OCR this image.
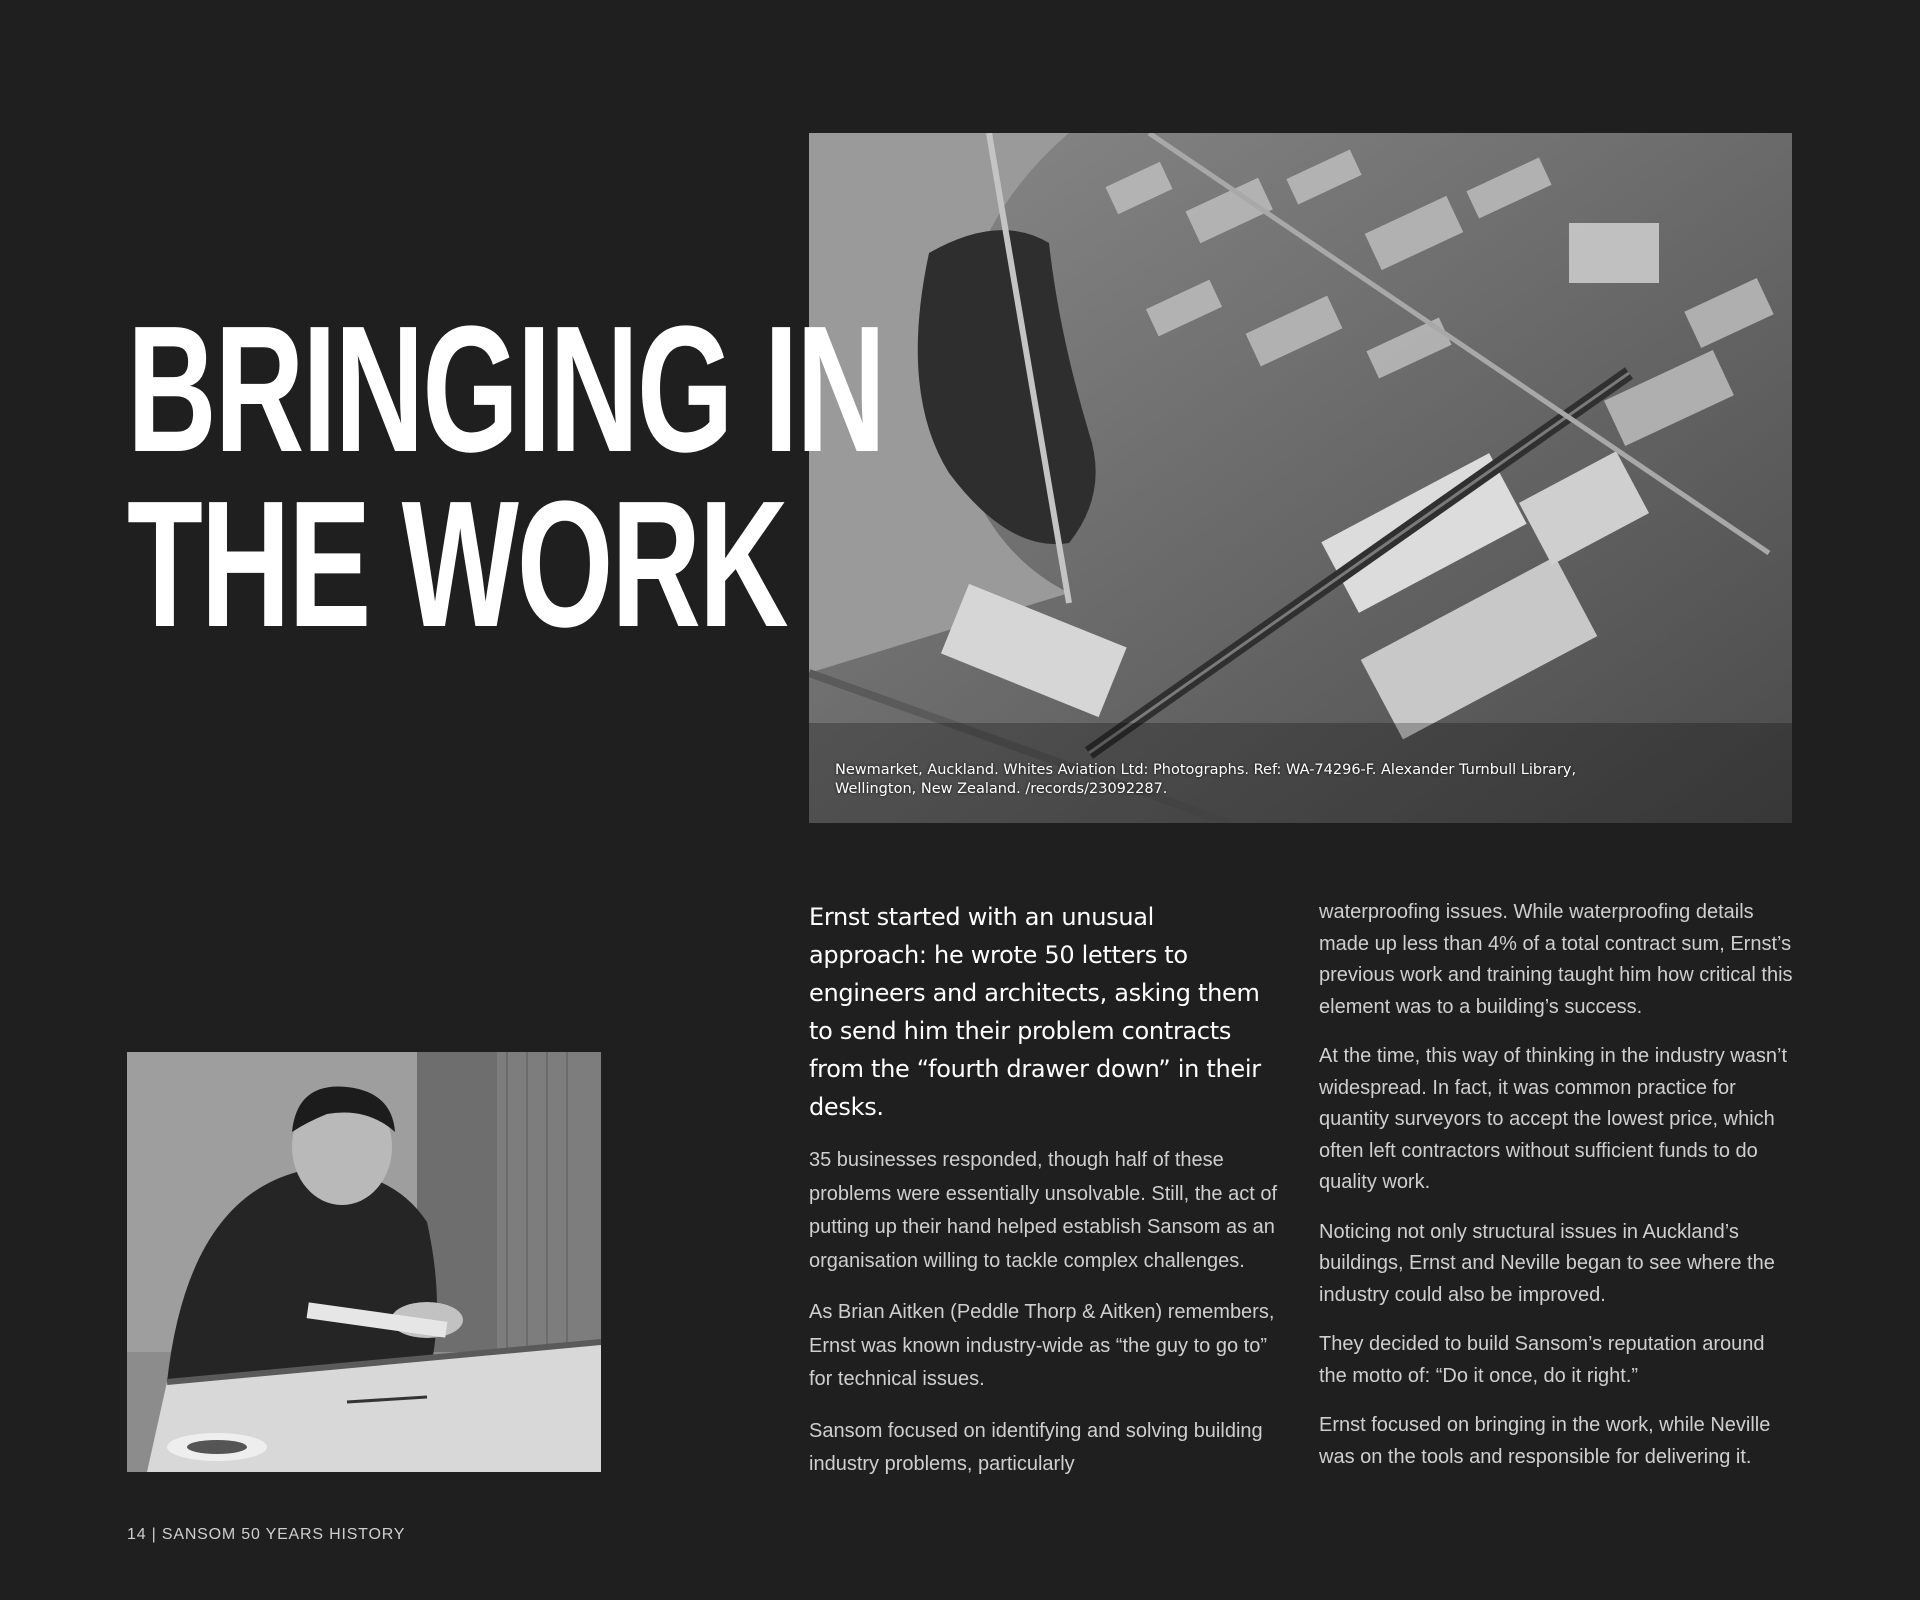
BRINGING IN
THE WORK

Newmarket, Auckland. Whites Aviation Ltd: Photographs. Ref: WA-74296-F. Alexander Turnbull Library, Wellington, New Zealand. /records/23092287.

Ernst started with an unusual approach: he wrote 50 letters to engineers and architects, asking them to send him their problem contracts from the “fourth drawer down” in their desks.

35 businesses responded, though half of these problems were essentially unsolvable. Still, the act of putting up their hand helped establish Sansom as an organisation willing to tackle complex challenges.

As Brian Aitken (Peddle Thorp & Aitken) remembers, Ernst was known industry-wide as “the guy to go to” for technical issues.

Sansom focused on identifying and solving building industry problems, particularly

waterproofing issues. While waterproofing details made up less than 4% of a total contract sum, Ernst’s previous work and training taught him how critical this element was to a building’s success.

At the time, this way of thinking in the industry wasn’t widespread. In fact, it was common practice for quantity surveyors to accept the lowest price, which often left contractors without sufficient funds to do quality work.

Noticing not only structural issues in Auckland’s buildings, Ernst and Neville began to see where the industry could also be improved.

They decided to build Sansom’s reputation around the motto of: “Do it once, do it right.”

Ernst focused on bringing in the work, while Neville was on the tools and responsible for delivering it.

14 | SANSOM 50 YEARS HISTORY
